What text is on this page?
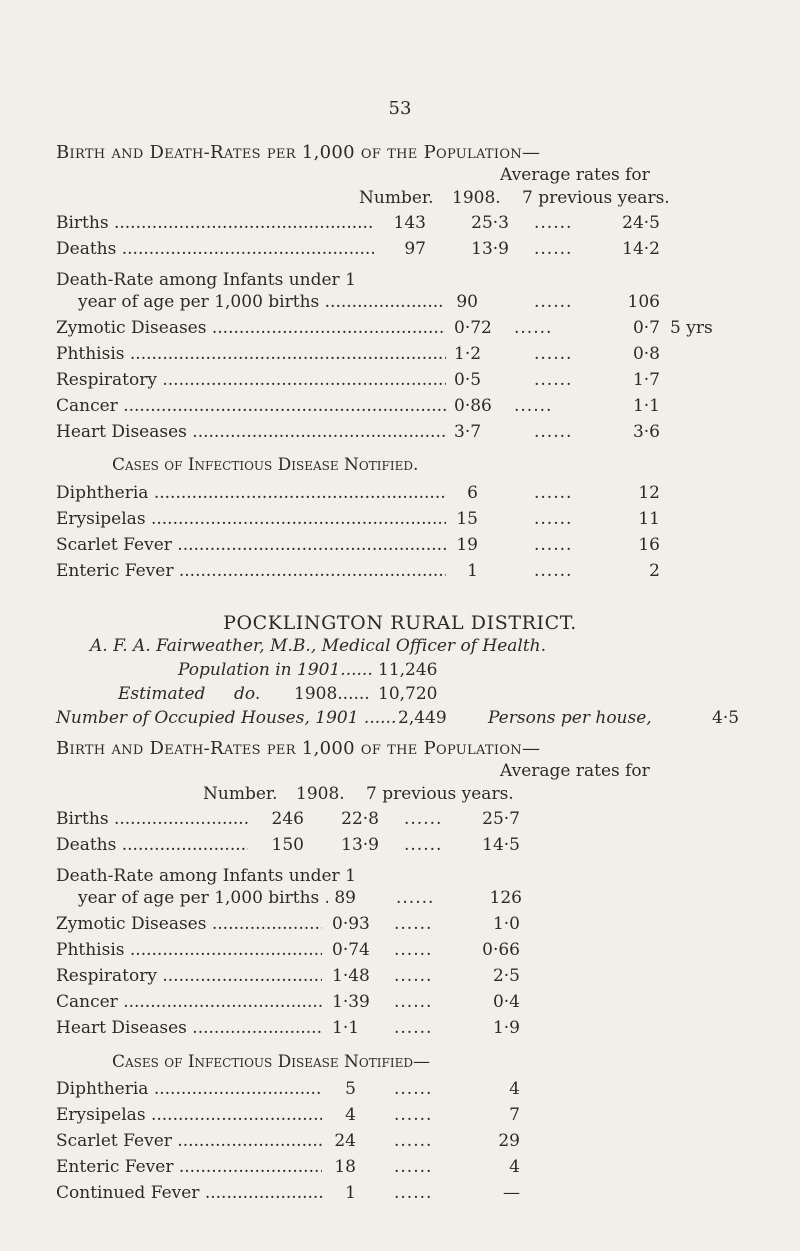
53
Birth and Death-Rates per 1,000 of the Population—
Average rates for
Number. 1908. 7 previous years.
Births .....	143	25·3 ......	24·5
Deaths .....	97	13·9 ......	14·2
Death-Rate among Infants under 1
year of age per 1,000 births .....	90	......	106
Zymotic Diseases .....	0·72	......	0·7 5 yrs
Phthisis .....	1·2	......	0·8
Respiratory .....	0·5	......	1·7
Cancer .....	0·86	......	1·1
Heart Diseases .....	3·7	......	3·6
Cases of Infectious Disease Notified.
Diphtheria .....	6	......	12
Erysipelas .....	15	......	11
Scarlet Fever .....	19	......	16
Enteric Fever .....	1	......	2
POCKLINGTON RURAL DISTRICT.
A. F. A. Fairweather, M.B., Medical Officer of Health.
Population in 1901...... 11,246
Estimated do. 1908...... 10,720
Number of Occupied Houses, 1901 ...... 2,449 Persons per house,	4·5
Birth and Death-Rates per 1,000 of the Population—
Average rates for
Number. 1908. 7 previous years.
Births .....	246	22·8 ......	25·7
Deaths .....	150	13·9 ......	14·5
Death-Rate among Infants under 1
year of age per 1,000 births ..... 89 ......	126
Zymotic Diseases .....	0·93	......	1·0
Phthisis .....	0·74	......	0·66
Respiratory .....	1·48	......	2·5
Cancer .....	1·39	......	0·4
Heart Diseases .....	1·1	......	1·9
Cases of Infectious Disease Notified—
Diphtheria .....	5 ......	4
Erysipelas .....	4 ......	7
Scarlet Fever .....	24 ......	29
Enteric Fever .....	18 ......	4
Continued Fever .....	1 ......	—
